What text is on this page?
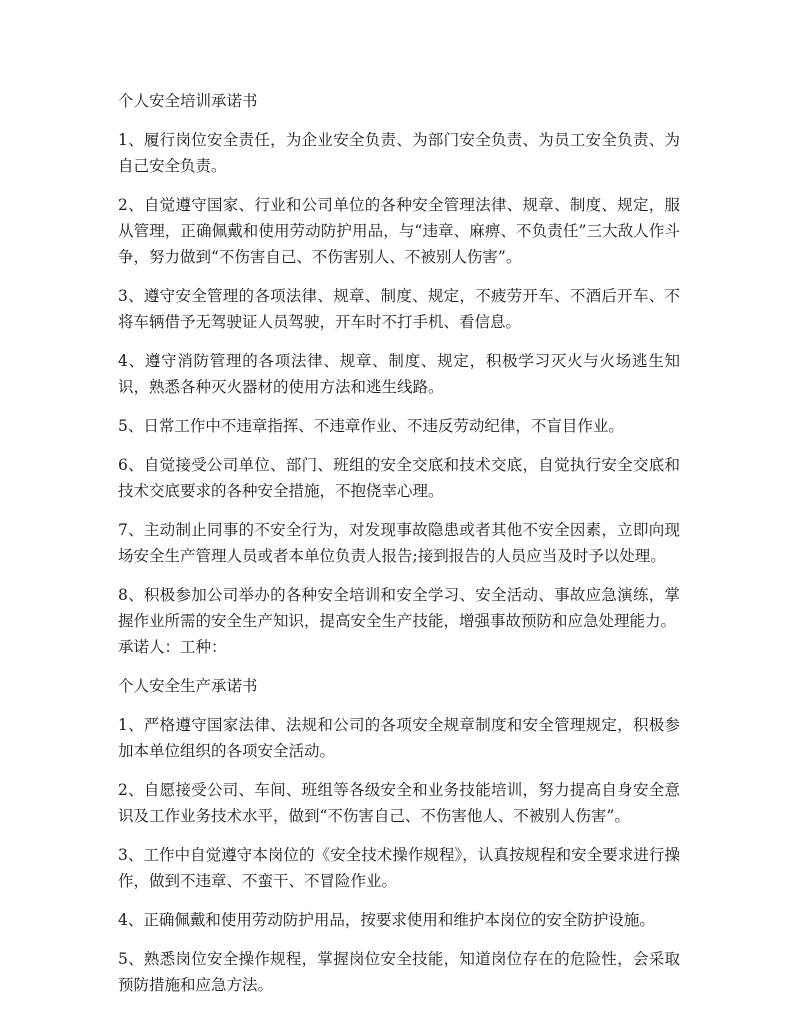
个人安全培训承诺书

1、履行岗位安全责任，为企业安全负责、为部门安全负责、为员工安全负责、为自己安全负责。

2、自觉遵守国家、行业和公司单位的各种安全管理法律、规章、制度、规定，服从管理，正确佩戴和使用劳动防护用品，与“违章、麻痹、不负责任”三大敌人作斗争，努力做到“不伤害自己、不伤害别人、不被别人伤害”。

3、遵守安全管理的各项法律、规章、制度、规定，不疲劳开车、不酒后开车、不将车辆借予无驾驶证人员驾驶，开车时不打手机、看信息。

4、遵守消防管理的各项法律、规章、制度、规定，积极学习灭火与火场逃生知识，熟悉各种灭火器材的使用方法和逃生线路。

5、日常工作中不违章指挥、不违章作业、不违反劳动纪律，不盲目作业。

6、自觉接受公司单位、部门、班组的安全交底和技术交底，自觉执行安全交底和技术交底要求的各种安全措施，不抱侥幸心理。

7、主动制止同事的不安全行为，对发现事故隐患或者其他不安全因素，立即向现场安全生产管理人员或者本单位负责人报告;接到报告的人员应当及时予以处理。

8、积极参加公司举办的各种安全培训和安全学习、安全活动、事故应急演练，掌握作业所需的安全生产知识，提高安全生产技能，增强事故预防和应急处理能力。

承诺人：工种：

个人安全生产承诺书

1、严格遵守国家法律、法规和公司的各项安全规章制度和安全管理规定，积极参加本单位组织的各项安全活动。

2、自愿接受公司、车间、班组等各级安全和业务技能培训，努力提高自身安全意识及工作业务技术水平，做到“不伤害自己、不伤害他人、不被别人伤害”。

3、工作中自觉遵守本岗位的《安全技术操作规程》，认真按规程和安全要求进行操作，做到不违章、不蛮干、不冒险作业。

4、正确佩戴和使用劳动防护用品，按要求使用和维护本岗位的安全防护设施。

5、熟悉岗位安全操作规程，掌握岗位安全技能，知道岗位存在的危险性，会采取预防措施和应急方法。
